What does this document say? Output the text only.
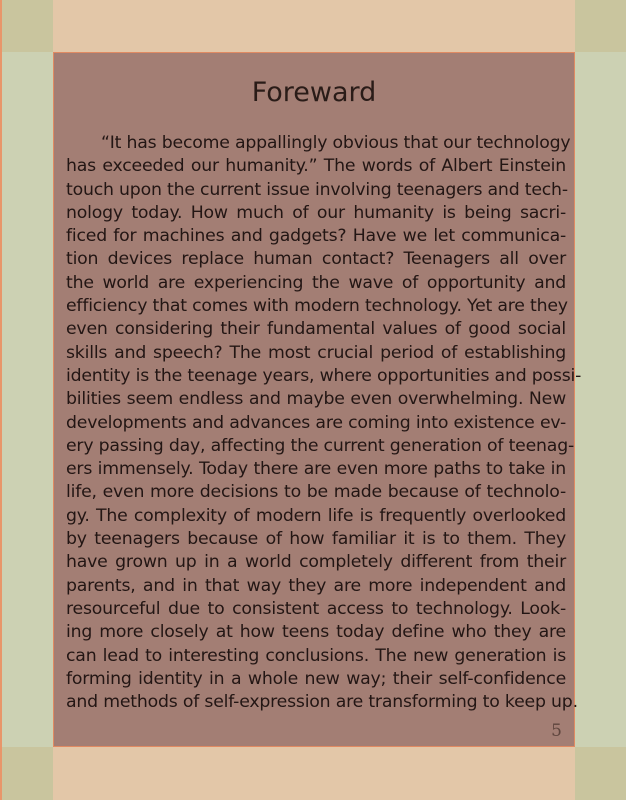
Foreward
“It has become appallingly obvious that our technology
has exceeded our humanity.” The words of Albert Einstein
touch upon the current issue involving teenagers and tech-
nology today. How much of our humanity is being sacri-
ficed for machines and gadgets? Have we let communica-
tion devices replace human contact? Teenagers all over
the world are experiencing the wave of opportunity and
efficiency that comes with modern technology. Yet are they
even considering their fundamental values of good social
skills and speech? The most crucial period of establishing
identity is the teenage years, where opportunities and possi-
bilities seem endless and maybe even overwhelming. New
developments and advances are coming into existence ev-
ery passing day, affecting the current generation of teenag-
ers immensely. Today there are even more paths to take in
life, even more decisions to be made because of technolo-
gy. The complexity of modern life is frequently overlooked
by teenagers because of how familiar it is to them. They
have grown up in a world completely different from their
parents, and in that way they are more independent and
resourceful due to consistent access to technology. Look-
ing more closely at how teens today define who they are
can lead to interesting conclusions. The new generation is
forming identity in a whole new way; their self-confidence
and methods of self-expression are transforming to keep up.
5
